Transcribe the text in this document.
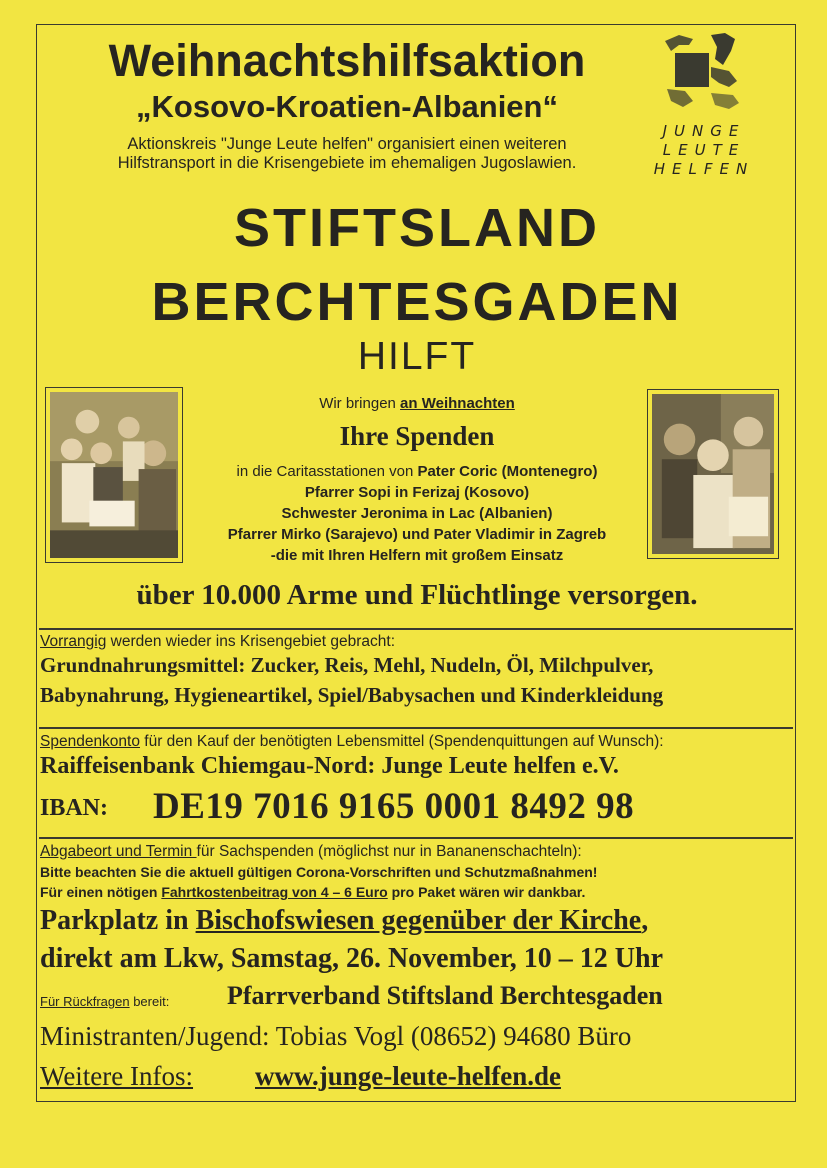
Weihnachtshilfsaktion
„Kosovo-Kroatien-Albanien“
Aktionskreis "Junge Leute helfen" organisiert einen weiteren
Hilfstransport in die Krisengebiete im ehemaligen Jugoslawien.
JUNGE
LEUTE
HELFEN
STIFTSLAND
BERCHTESGADEN
HILFT
Wir bringen an Weihnachten
Ihre Spenden
in die Caritasstationen von Pater Coric (Montenegro)
Pfarrer Sopi in Ferizaj (Kosovo)
Schwester Jeronima in Lac (Albanien)
Pfarrer Mirko (Sarajevo) und Pater Vladimir in Zagreb
-die mit Ihren Helfern mit großem Einsatz
über 10.000 Arme und Flüchtlinge versorgen.
Vorrangig werden wieder ins Krisengebiet gebracht:
Grundnahrungsmittel: Zucker, Reis, Mehl, Nudeln, Öl, Milchpulver,
Babynahrung, Hygieneartikel, Spiel/Babysachen und Kinderkleidung
Spendenkonto für den Kauf der benötigten Lebensmittel (Spendenquittungen auf Wunsch):
Raiffeisenbank Chiemgau-Nord: Junge Leute helfen e.V.
IBAN: DE19 7016 9165 0001 8492 98
Abgabeort und Termin für Sachspenden (möglichst nur in Bananenschachteln):
Bitte beachten Sie die aktuell gültigen Corona-Vorschriften und Schutzmaßnahmen!
Für einen nötigen Fahrtkostenbeitrag von 4 – 6 Euro pro Paket wären wir dankbar.
Parkplatz in Bischofswiesen gegenüber der Kirche,
direkt am Lkw, Samstag, 26. November, 10 – 12 Uhr
Für Rückfragen bereit: Pfarrverband Stiftsland Berchtesgaden
Ministranten/Jugend: Tobias Vogl (08652) 94680 Büro
Weitere Infos: www.junge-leute-helfen.de
